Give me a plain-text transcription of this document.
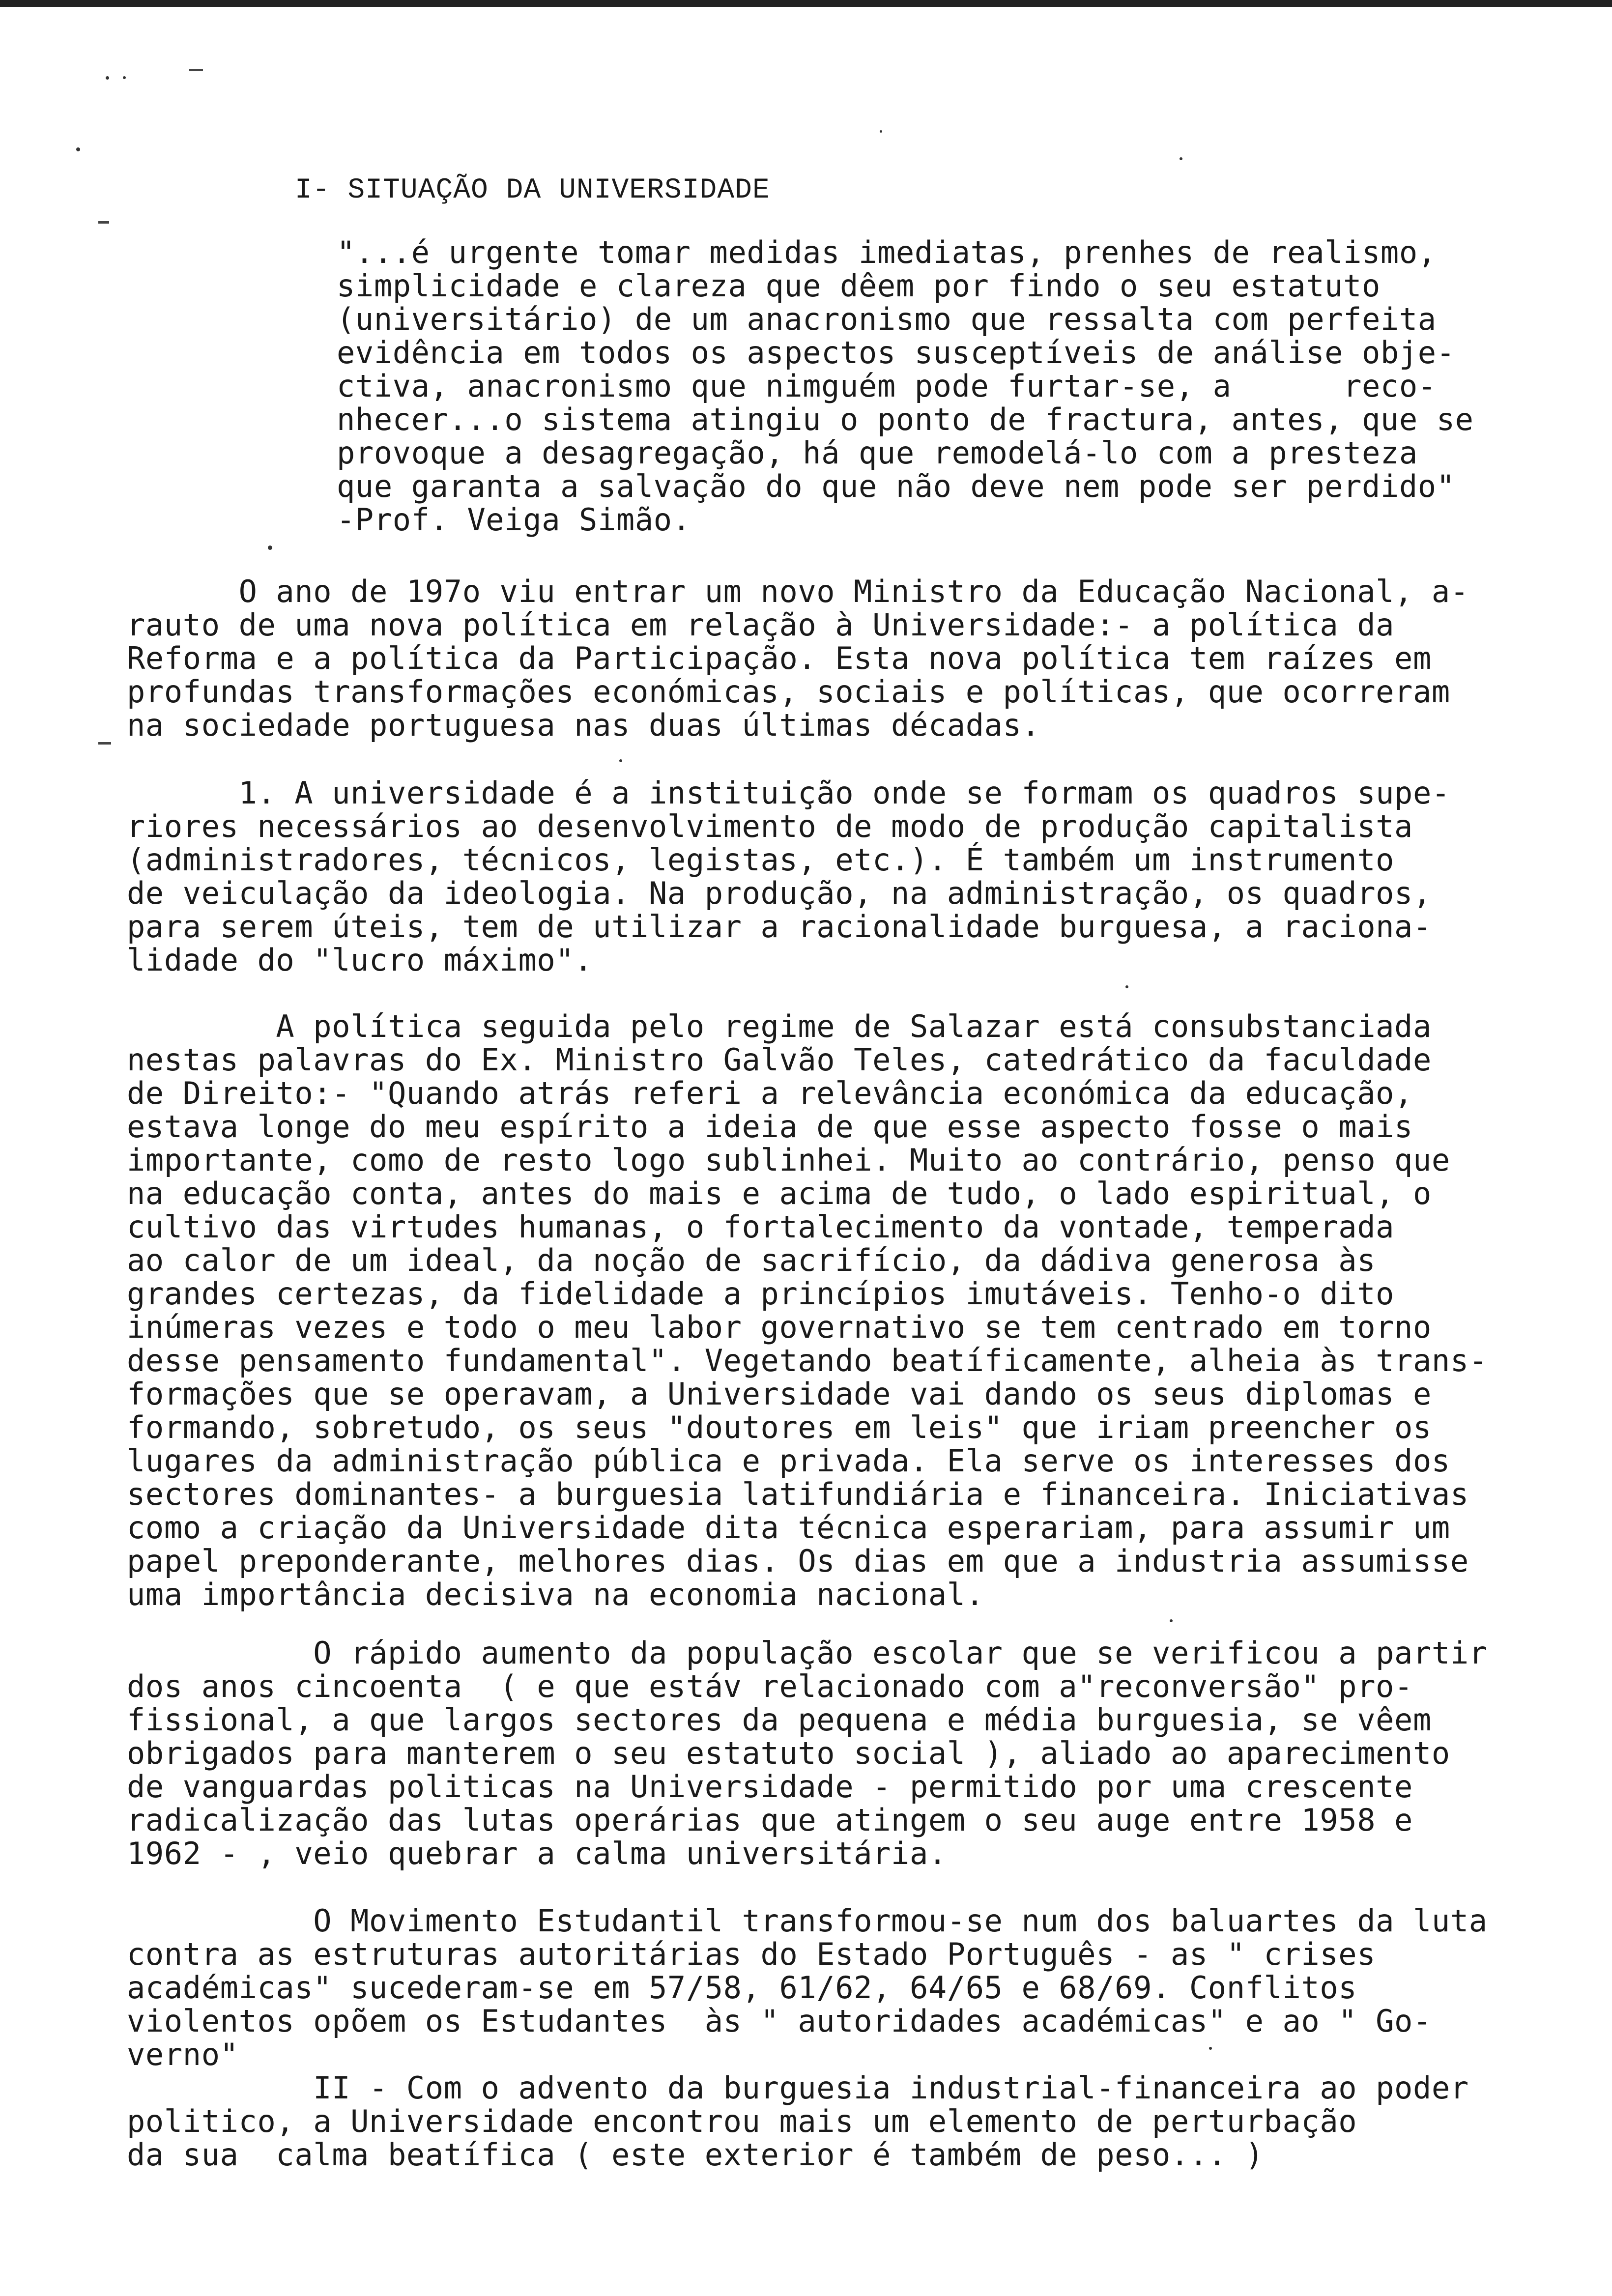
I- SITUAÇÃO DA UNIVERSIDADE
"...é urgente tomar medidas imediatas, prenhes de realismo,
simplicidade e clareza que dêem por findo o seu estatuto
(universitário) de um anacronismo que ressalta com perfeita
evidência em todos os aspectos susceptíveis de análise obje-
ctiva, anacronismo que nimguém pode furtar-se, a      reco-
nhecer...o sistema atingiu o ponto de fractura, antes, que se
provoque a desagregação, há que remodelá-lo com a presteza
que garanta a salvação do que não deve nem pode ser perdido"
-Prof. Veiga Simão.
O ano de 197o viu entrar um novo Ministro da Educação Nacional, a-
rauto de uma nova política em relação à Universidade:- a política da
Reforma e a política da Participação. Esta nova política tem raízes em
profundas transformações económicas, sociais e políticas, que ocorreram
na sociedade portuguesa nas duas últimas décadas.
1. A universidade é a instituição onde se formam os quadros supe-
riores necessários ao desenvolvimento de modo de produção capitalista
(administradores, técnicos, legistas, etc.). É também um instrumento
de veiculação da ideologia. Na produção, na administração, os quadros,
para serem úteis, tem de utilizar a racionalidade burguesa, a raciona-
lidade do "lucro máximo".
A política seguida pelo regime de Salazar está consubstanciada
nestas palavras do Ex. Ministro Galvão Teles, catedrático da faculdade
de Direito:- "Quando atrás referi a relevância económica da educação,
estava longe do meu espírito a ideia de que esse aspecto fosse o mais
importante, como de resto logo sublinhei. Muito ao contrário, penso que
na educação conta, antes do mais e acima de tudo, o lado espiritual, o
cultivo das virtudes humanas, o fortalecimento da vontade, temperada
ao calor de um ideal, da noção de sacrifício, da dádiva generosa às
grandes certezas, da fidelidade a princípios imutáveis. Tenho-o dito
inúmeras vezes e todo o meu labor governativo se tem centrado em torno
desse pensamento fundamental". Vegetando beatíficamente, alheia às trans-
formações que se operavam, a Universidade vai dando os seus diplomas e
formando, sobretudo, os seus "doutores em leis" que iriam preencher os
lugares da administração pública e privada. Ela serve os interesses dos
sectores dominantes- a burguesia latifundiária e financeira. Iniciativas
como a criação da Universidade dita técnica esperariam, para assumir um
papel preponderante, melhores dias. Os dias em que a industria assumisse
uma importância decisiva na economia nacional.
O rápido aumento da população escolar que se verificou a partir
dos anos cincoenta  ( e que estáv relacionado com a"reconversão" pro-
fissional, a que largos sectores da pequena e média burguesia, se vêem
obrigados para manterem o seu estatuto social ), aliado ao aparecimento
de vanguardas politicas na Universidade - permitido por uma crescente
radicalização das lutas operárias que atingem o seu auge entre 1958 e
1962 - , veio quebrar a calma universitária.
O Movimento Estudantil transformou-se num dos baluartes da luta
contra as estruturas autoritárias do Estado Português - as " crises
académicas" sucederam-se em 57/58, 61/62, 64/65 e 68/69. Conflitos
violentos opõem os Estudantes  às " autoridades académicas" e ao " Go-
verno"
II - Com o advento da burguesia industrial-financeira ao poder
politico, a Universidade encontrou mais um elemento de perturbação
da sua  calma beatífica ( este exterior é também de peso... )
